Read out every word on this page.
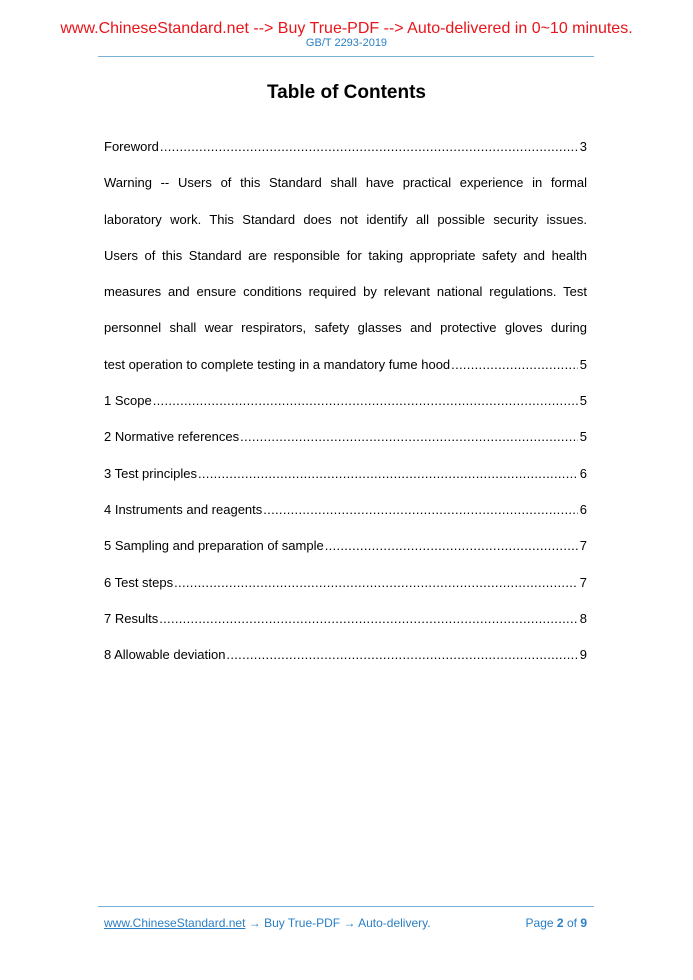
www.ChineseStandard.net --> Buy True-PDF --> Auto-delivered in 0~10 minutes.
GB/T 2293-2019
Table of Contents
Foreword .....	3
Warning -- Users of this Standard shall have practical experience in formal
laboratory work. This Standard does not identify all possible security issues.
Users of this Standard are responsible for taking appropriate safety and health
measures and ensure conditions required by relevant national regulations. Test
personnel shall wear respirators, safety glasses and protective gloves during
test operation to complete testing in a mandatory fume hood .....	5
1 Scope .....	5
2 Normative references .....	5
3 Test principles .....	6
4 Instruments and reagents .....	6
5 Sampling and preparation of sample .....	7
6 Test steps .....	7
7 Results .....	8
8 Allowable deviation .....	9
www.ChineseStandard.net → Buy True-PDF → Auto-delivery.	Page 2 of 9
